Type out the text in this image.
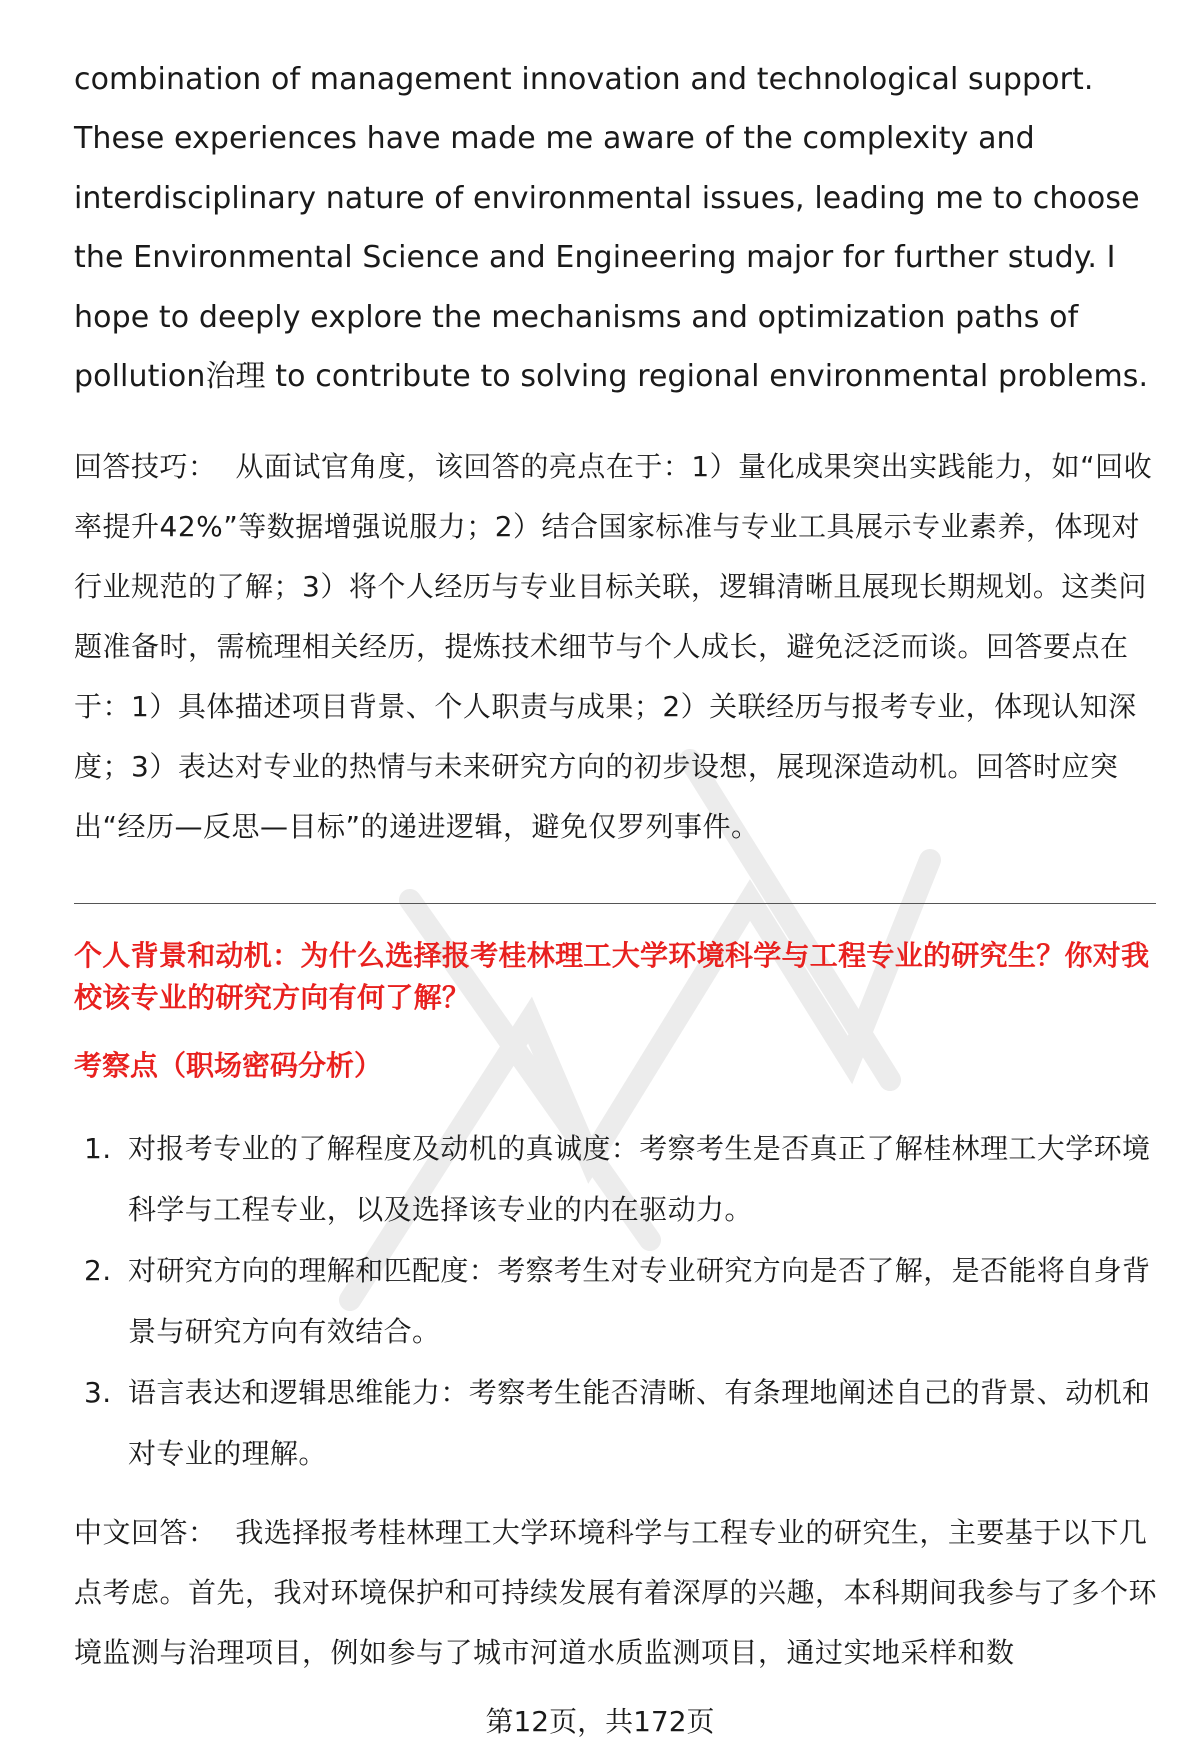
combination of management innovation and technological support. These experiences have made me aware of the complexity and interdisciplinary nature of environmental issues, leading me to choose the Environmental Science and Engineering major for further study. I hope to deeply explore the mechanisms and optimization paths of pollution治理 to contribute to solving regional environmental problems.

回答技巧： 从面试官角度，该回答的亮点在于：1）量化成果突出实践能力，如“回收率提升42%”等数据增强说服力；2）结合国家标准与专业工具展示专业素养，体现对行业规范的了解；3）将个人经历与专业目标关联，逻辑清晰且展现长期规划。这类问题准备时，需梳理相关经历，提炼技术细节与个人成长，避免泛泛而谈。回答要点在于：1）具体描述项目背景、个人职责与成果；2）关联经历与报考专业，体现认知深度；3）表达对专业的热情与未来研究方向的初步设想，展现深造动机。回答时应突出“经历—反思—目标”的递进逻辑，避免仅罗列事件。

个人背景和动机：为什么选择报考桂林理工大学环境科学与工程专业的研究生？你对我校该专业的研究方向有何了解？

考察点（职场密码分析）

1. 对报考专业的了解程度及动机的真诚度：考察考生是否真正了解桂林理工大学环境科学与工程专业，以及选择该专业的内在驱动力。
2. 对研究方向的理解和匹配度：考察考生对专业研究方向是否了解，是否能将自身背景与研究方向有效结合。
3. 语言表达和逻辑思维能力：考察考生能否清晰、有条理地阐述自己的背景、动机和对专业的理解。

中文回答： 我选择报考桂林理工大学环境科学与工程专业的研究生，主要基于以下几点考虑。首先，我对环境保护和可持续发展有着深厚的兴趣，本科期间我参与了多个环境监测与治理项目，例如参与了城市河道水质监测项目，通过实地采样和数

第12页，共172页
